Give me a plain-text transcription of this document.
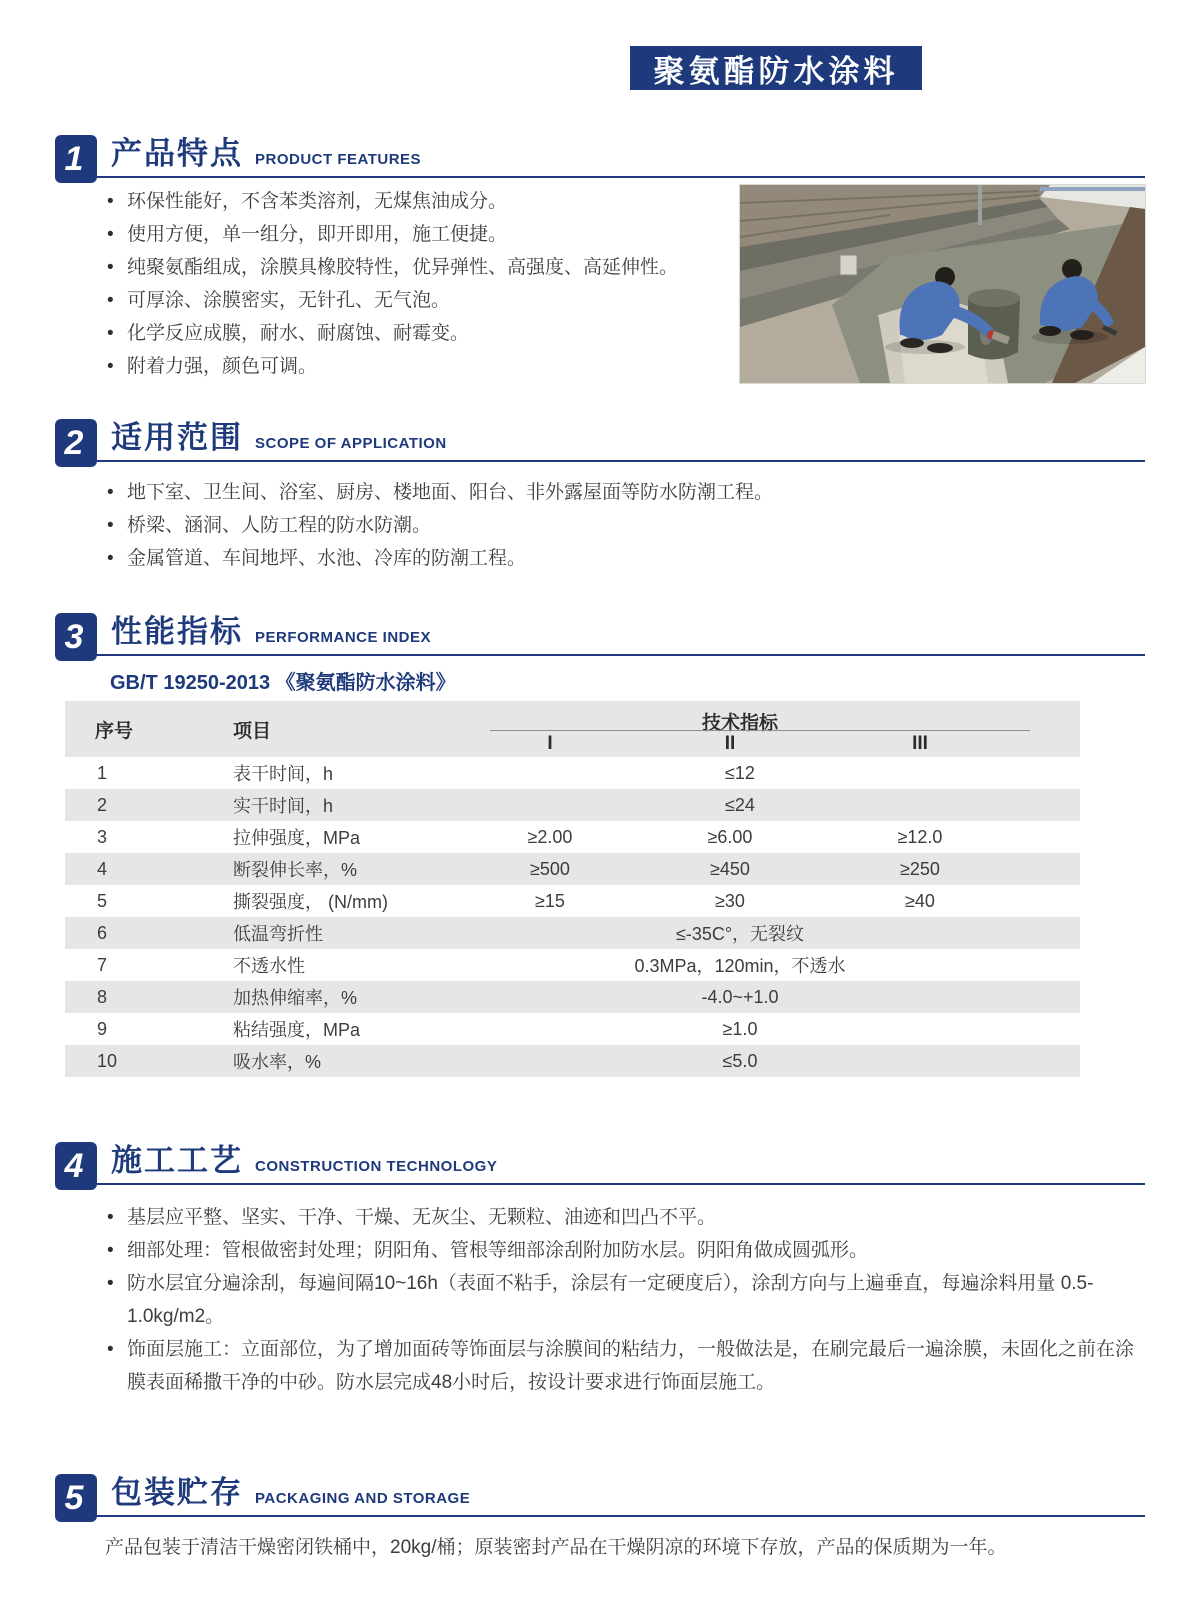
聚氨酯防水涂料
1 产品特点 PRODUCT FEATURES
• 环保性能好，不含苯类溶剂，无煤焦油成分。
• 使用方便，单一组分，即开即用，施工便捷。
• 纯聚氨酯组成，涂膜具橡胶特性，优异弹性、高强度、高延伸性。
• 可厚涂、涂膜密实，无针孔、无气泡。
• 化学反应成膜，耐水、耐腐蚀、耐霉变。
• 附着力强，颜色可调。
2 适用范围 SCOPE OF APPLICATION
• 地下室、卫生间、浴室、厨房、楼地面、阳台、非外露屋面等防水防潮工程。
• 桥梁、涵洞、人防工程的防水防潮。
• 金属管道、车间地坪、水池、冷库的防潮工程。
3 性能指标 PERFORMANCE INDEX
GB/T 19250-2013 《聚氨酯防水涂料》
序号	项目	技术指标
I	II	III
1	表干时间，h	≤12
2	实干时间，h	≤24
3	拉伸强度，MPa	≥2.00	≥6.00	≥12.0
4	断裂伸长率，%	≥500	≥450	≥250
5	撕裂强度， (N/mm)	≥15	≥30	≥40
6	低温弯折性	≤-35C°，无裂纹
7	不透水性	0.3MPa，120min，不透水
8	加热伸缩率，%	-4.0~+1.0
9	粘结强度，MPa	≥1.0
10	吸水率，%	≤5.0
4 施工工艺 CONSTRUCTION TECHNOLOGY
• 基层应平整、坚实、干净、干燥、无灰尘、无颗粒、油迹和凹凸不平。
• 细部处理：管根做密封处理；阴阳角、管根等细部涂刮附加防水层。阴阳角做成圆弧形。
• 防水层宜分遍涂刮，每遍间隔10~16h（表面不粘手，涂层有一定硬度后），涂刮方向与上遍垂直，每遍涂料用量 0.5-1.0kg/m2。
• 饰面层施工：立面部位，为了增加面砖等饰面层与涂膜间的粘结力，一般做法是，在刷完最后一遍涂膜，未固化之前在涂膜表面稀撒干净的中砂。防水层完成48小时后，按设计要求进行饰面层施工。
5 包装贮存 PACKAGING AND STORAGE

产品包装于清洁干燥密闭铁桶中，20kg/桶；原装密封产品在干燥阴凉的环境下存放，产品的保质期为一年。
